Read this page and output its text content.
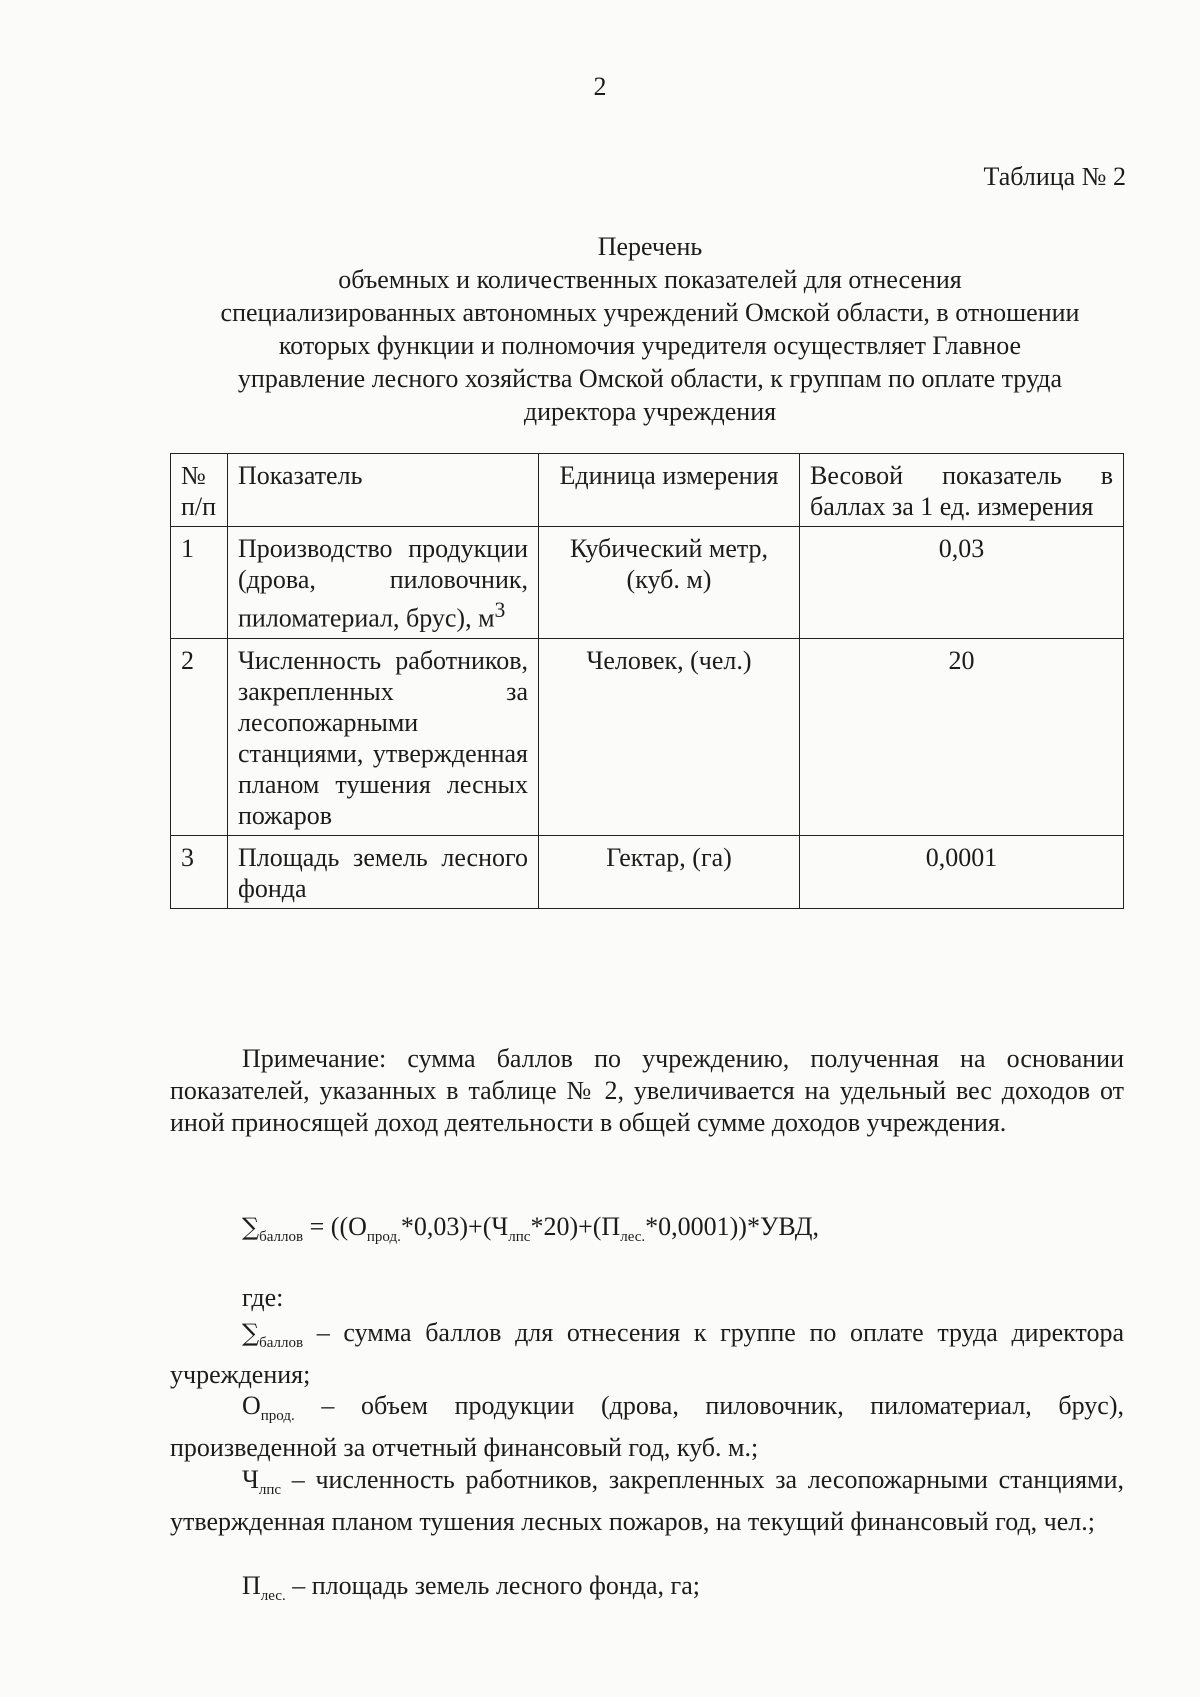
2
Таблица № 2
Перечень
объемных и количественных показателей для отнесения
специализированных автономных учреждений Омской области, в отношении
которых функции и полномочия учредителя осуществляет Главное
управление лесного хозяйства Омской области, к группам по оплате труда
директора учреждения
№ п/п	Показатель	Единица измерения	Весовой показатель в баллах за 1 ед. измерения
1	Производство продукции (дрова, пиловочник, пиломатериал, брус), $м^3$	Кубический метр, (куб. м)	0,03
2	Численность работников, закрепленных за лесопожарными станциями, утвержденная планом тушения лесных пожаров	Человек, (чел.)	20
3	Площадь земель лесного фонда	Гектар, (га)	0,0001

Примечание: сумма баллов по учреждению, полученная на основании показателей, указанных в таблице № 2, увеличивается на удельный вес доходов от иной приносящей доход деятельности в общей сумме доходов учреждения.

$\sum_{баллов} = ((О_{прод.}*0,03)+(Ч_{лпс}*20)+(П_{лес.}*0,0001))*УВД$,
где:

$\sum_{баллов}$ – сумма баллов для отнесения к группе по оплате труда директора учреждения;

$О_{прод.}$ – объем продукции (дрова, пиловочник, пиломатериал, брус), произведенной за отчетный финансовый год, куб. м.;

$Ч_{лпс}$ – численность работников, закрепленных за лесопожарными станциями, утвержденная планом тушения лесных пожаров, на текущий финансовый год, чел.;

$П_{лес.}$ – площадь земель лесного фонда, га;
